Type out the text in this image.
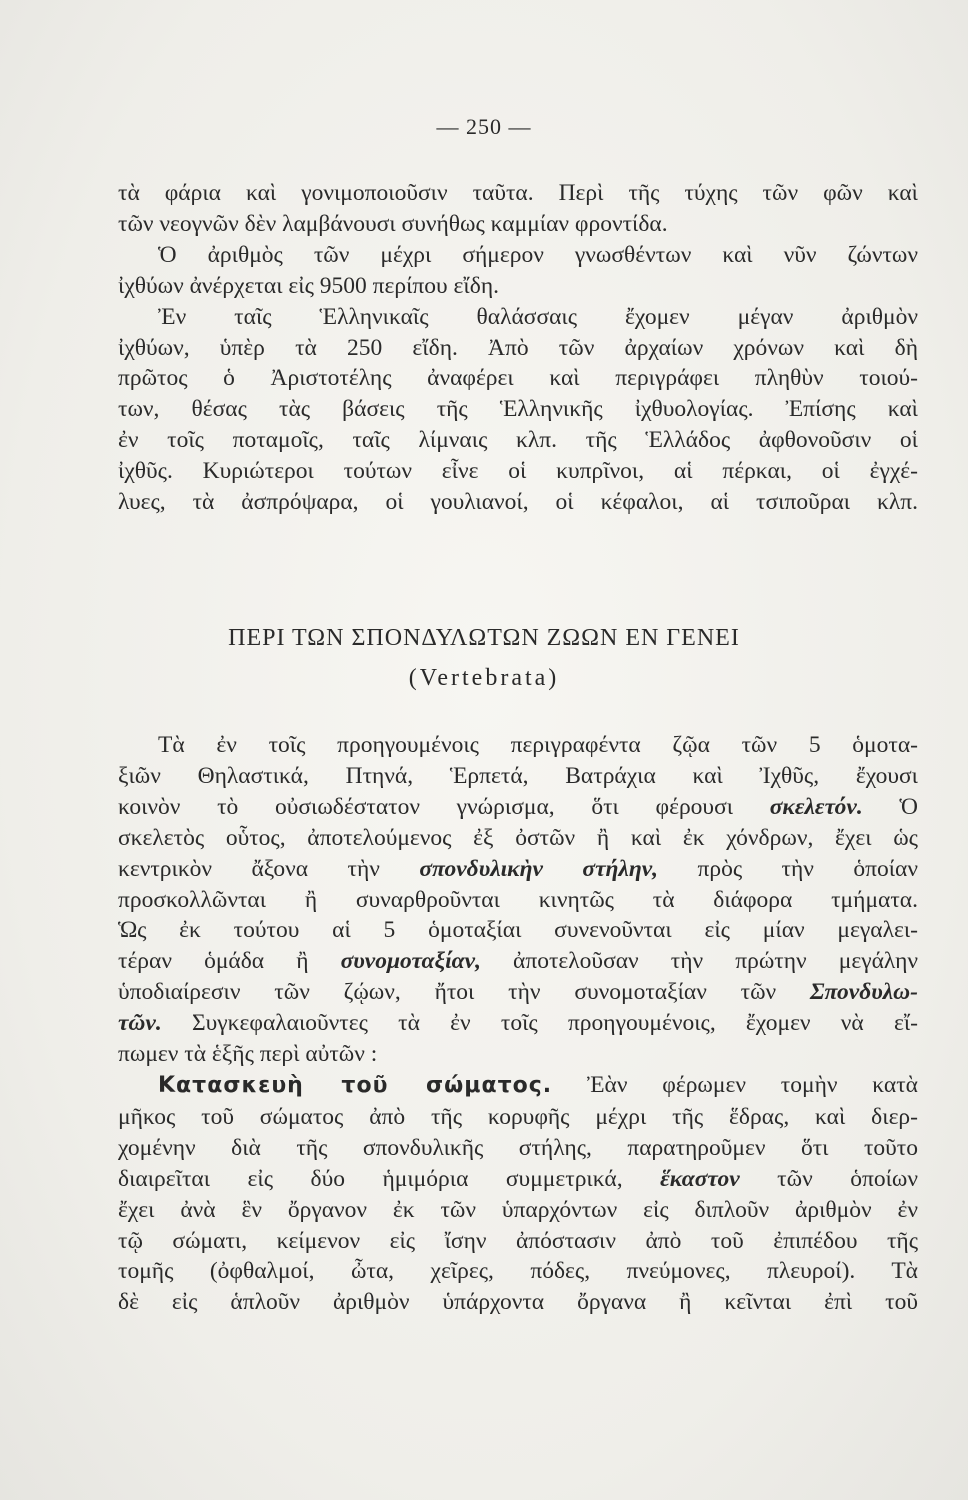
— 250 —
τὰ φάρια καὶ γονιμοποιοῦσιν ταῦτα. Περὶ τῆς τύχης τῶν φῶν καὶ
τῶν νεογνῶν δὲν λαμβάνουσι συνήθως καμμίαν φροντίδα.
Ὁ ἀριθμὸς τῶν μέχρι σήμερον γνωσθέντων καὶ νῦν ζώντων
ἰχθύων ἀνέρχεται εἰς 9500 περίπου εἴδη.
Ἐν ταῖς Ἑλληνικαῖς θαλάσσαις ἔχομεν μέγαν ἀριθμὸν
ἰχθύων, ὑπὲρ τὰ 250 εἴδη. Ἀπὸ τῶν ἀρχαίων χρόνων καὶ δὴ
πρῶτος ὁ Ἀριστοτέλης ἀναφέρει καὶ περιγράφει πληθὺν τοιού-
των, θέσας τὰς βάσεις τῆς Ἑλληνικῆς ἰχθυολογίας. Ἐπίσης καὶ
ἐν τοῖς ποταμοῖς, ταῖς λίμναις κλπ. τῆς Ἑλλάδος ἀφθονοῦσιν οἱ
ἰχθῦς. Κυριώτεροι τούτων εἶνε οἱ κυπρῖνοι, αἱ πέρκαι, οἱ ἐγχέ-
λυες, τὰ ἀσπρόψαρα, οἱ γουλιανοί, οἱ κέφαλοι, αἱ τσιποῦραι κλπ.
ΠΕΡΙ ΤΩΝ ΣΠΟΝΔΥΛΩΤΩΝ ΖΩΩΝ ΕΝ ΓΕΝΕΙ
(Vertebrata)
Τὰ ἐν τοῖς προηγουμένοις περιγραφέντα ζῷα τῶν 5 ὁμοτα-
ξιῶν Θηλαστικά, Πτηνά, Ἑρπετά, Βατράχια καὶ Ἰχθῦς, ἔχουσι
κοινὸν τὸ οὐσιωδέστατον γνώρισμα, ὅτι φέρουσι σκελετόν. Ὁ
σκελετὸς οὗτος, ἀποτελούμενος ἐξ ὀστῶν ἢ καὶ ἐκ χόνδρων, ἔχει ὡς
κεντρικὸν ἄξονα τὴν σπονδυλικὴν στήλην, πρὸς τὴν ὁποίαν
προσκολλῶνται ἢ συναρθροῦνται κινητῶς τὰ διάφορα τμήματα.
Ὡς ἐκ τούτου αἱ 5 ὁμοταξίαι συνενοῦνται εἰς μίαν μεγαλει-
τέραν ὁμάδα ἢ συνομοταξίαν, ἀποτελοῦσαν τὴν πρώτην μεγάλην
ὑποδιαίρεσιν τῶν ζῴων, ἤτοι τὴν συνομοταξίαν τῶν Σπονδυλω-
τῶν. Συγκεφαλαιοῦντες τὰ ἐν τοῖς προηγουμένοις, ἔχομεν νὰ εἴ-
πωμεν τὰ ἑξῆς περὶ αὐτῶν :
Κατασκευὴ τοῦ σώματος. Ἐὰν φέρωμεν τομὴν κατὰ
μῆκος τοῦ σώματος ἀπὸ τῆς κορυφῆς μέχρι τῆς ἕδρας, καὶ διερ-
χομένην διὰ τῆς σπονδυλικῆς στήλης, παρατηροῦμεν ὅτι τοῦτο
διαιρεῖται εἰς δύο ἡμιμόρια συμμετρικά, ἕκαστον τῶν ὁποίων
ἔχει ἀνὰ ἓν ὄργανον ἐκ τῶν ὑπαρχόντων εἰς διπλοῦν ἀριθμὸν ἐν
τῷ σώματι, κείμενον εἰς ἴσην ἀπόστασιν ἀπὸ τοῦ ἐπιπέδου τῆς
τομῆς (ὀφθαλμοί, ὦτα, χεῖρες, πόδες, πνεύμονες, πλευροί). Τὰ
δὲ εἰς ἁπλοῦν ἀριθμὸν ὑπάρχοντα ὄργανα ἢ κεῖνται ἐπὶ τοῦ
